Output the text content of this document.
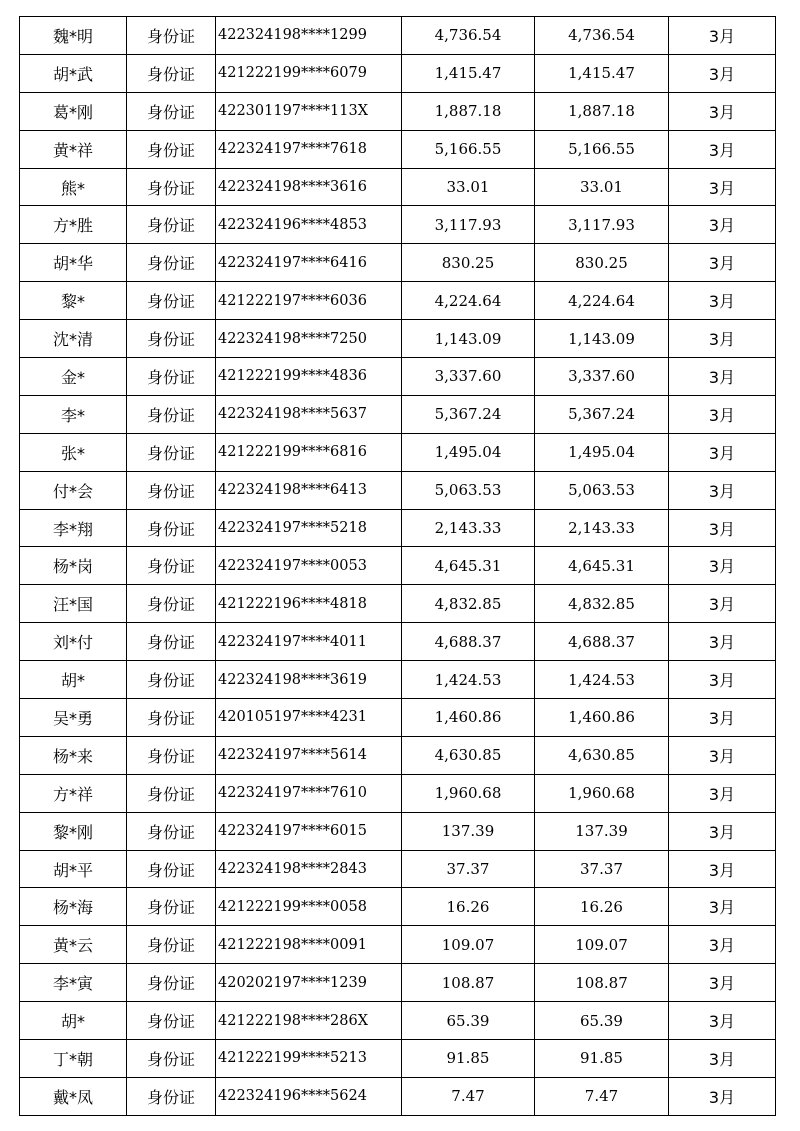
魏*明	身份证	422324198****1299	4,736.54	4,736.54	3月
胡*武	身份证	421222199****6079	1,415.47	1,415.47	3月
葛*刚	身份证	422301197****113X	1,887.18	1,887.18	3月
黄*祥	身份证	422324197****7618	5,166.55	5,166.55	3月
熊*	身份证	422324198****3616	33.01	33.01	3月
方*胜	身份证	422324196****4853	3,117.93	3,117.93	3月
胡*华	身份证	422324197****6416	830.25	830.25	3月
黎*	身份证	421222197****6036	4,224.64	4,224.64	3月
沈*清	身份证	422324198****7250	1,143.09	1,143.09	3月
金*	身份证	421222199****4836	3,337.60	3,337.60	3月
李*	身份证	422324198****5637	5,367.24	5,367.24	3月
张*	身份证	421222199****6816	1,495.04	1,495.04	3月
付*会	身份证	422324198****6413	5,063.53	5,063.53	3月
李*翔	身份证	422324197****5218	2,143.33	2,143.33	3月
杨*岗	身份证	422324197****0053	4,645.31	4,645.31	3月
汪*国	身份证	421222196****4818	4,832.85	4,832.85	3月
刘*付	身份证	422324197****4011	4,688.37	4,688.37	3月
胡*	身份证	422324198****3619	1,424.53	1,424.53	3月
吴*勇	身份证	420105197****4231	1,460.86	1,460.86	3月
杨*来	身份证	422324197****5614	4,630.85	4,630.85	3月
方*祥	身份证	422324197****7610	1,960.68	1,960.68	3月
黎*刚	身份证	422324197****6015	137.39	137.39	3月
胡*平	身份证	422324198****2843	37.37	37.37	3月
杨*海	身份证	421222199****0058	16.26	16.26	3月
黄*云	身份证	421222198****0091	109.07	109.07	3月
李*寅	身份证	420202197****1239	108.87	108.87	3月
胡*	身份证	421222198****286X	65.39	65.39	3月
丁*朝	身份证	421222199****5213	91.85	91.85	3月
戴*凤	身份证	422324196****5624	7.47	7.47	3月
